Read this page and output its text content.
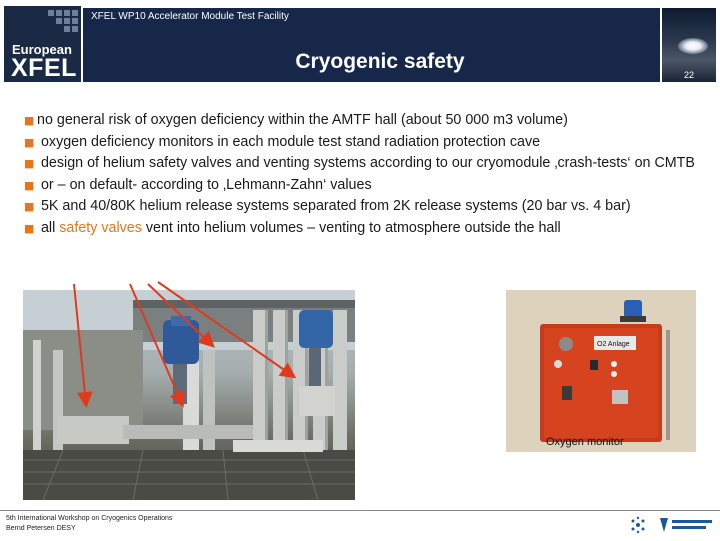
European
XFEL
XFEL WP10 Accelerator Module Test Facility
Cryogenic safety
22

■ no general risk of oxygen deficiency within the AMTF hall (about 50 000 m3 volume)

■ oxygen deficiency monitors in each module test stand radiation protection cave

■ design of helium safety valves and venting systems according to our cryomodule ‚crash-tests‘ on CMTB

■ or – on default- according to ‚Lehmann-Zahn‘ values

■ 5K and 40/80K helium release systems separated from 2K release systems (20 bar vs. 4 bar)

■ all safety valves vent into helium volumes – venting to atmosphere outside the hall

O2 Anlage
Oxygen monitor
5th International Workshop on Cryogenics Operations
Bernd Petersen DESY
